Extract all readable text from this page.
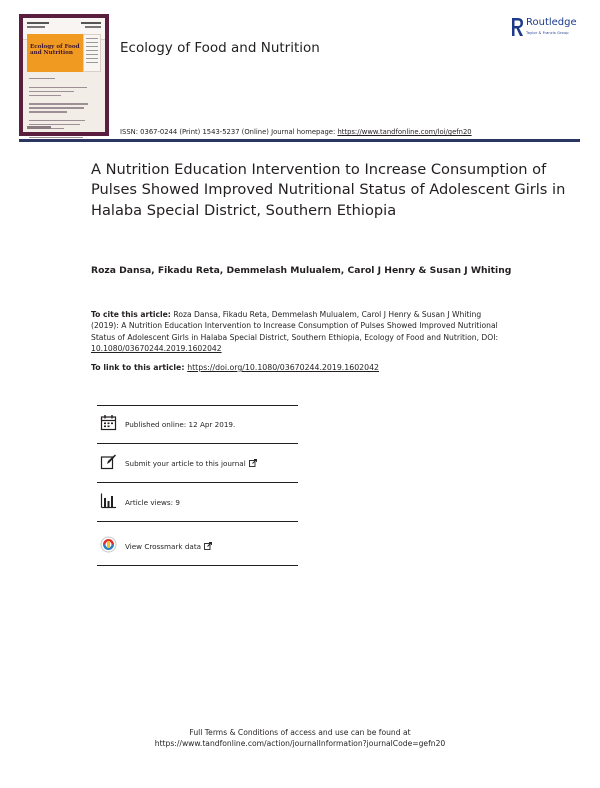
Ecology of Food and Nutrition	Ecology of Food and Nutrition
Routledge
Taylor & Francis Group
ISSN: 0367-0244 (Print) 1543-5237 (Online) Journal homepage: https://www.tandfonline.com/loi/gefn20
A Nutrition Education Intervention to Increase Consumption of Pulses Showed Improved Nutritional Status of Adolescent Girls in Halaba Special District, Southern Ethiopia
Roza Dansa, Fikadu Reta, Demmelash Mulualem, Carol J Henry & Susan J Whiting
To cite this article: Roza Dansa, Fikadu Reta, Demmelash Mulualem, Carol J Henry & Susan J Whiting (2019): A Nutrition Education Intervention to Increase Consumption of Pulses Showed Improved Nutritional Status of Adolescent Girls in Halaba Special District, Southern Ethiopia, Ecology of Food and Nutrition, DOI: 10.1080/03670244.2019.1602042
To link to this article: https://doi.org/10.1080/03670244.2019.1602042
Published online: 12 Apr 2019.
Submit your article to this journal
Article views: 9
View Crossmark data
Full Terms & Conditions of access and use can be found at
https://www.tandfonline.com/action/journalInformation?journalCode=gefn20
